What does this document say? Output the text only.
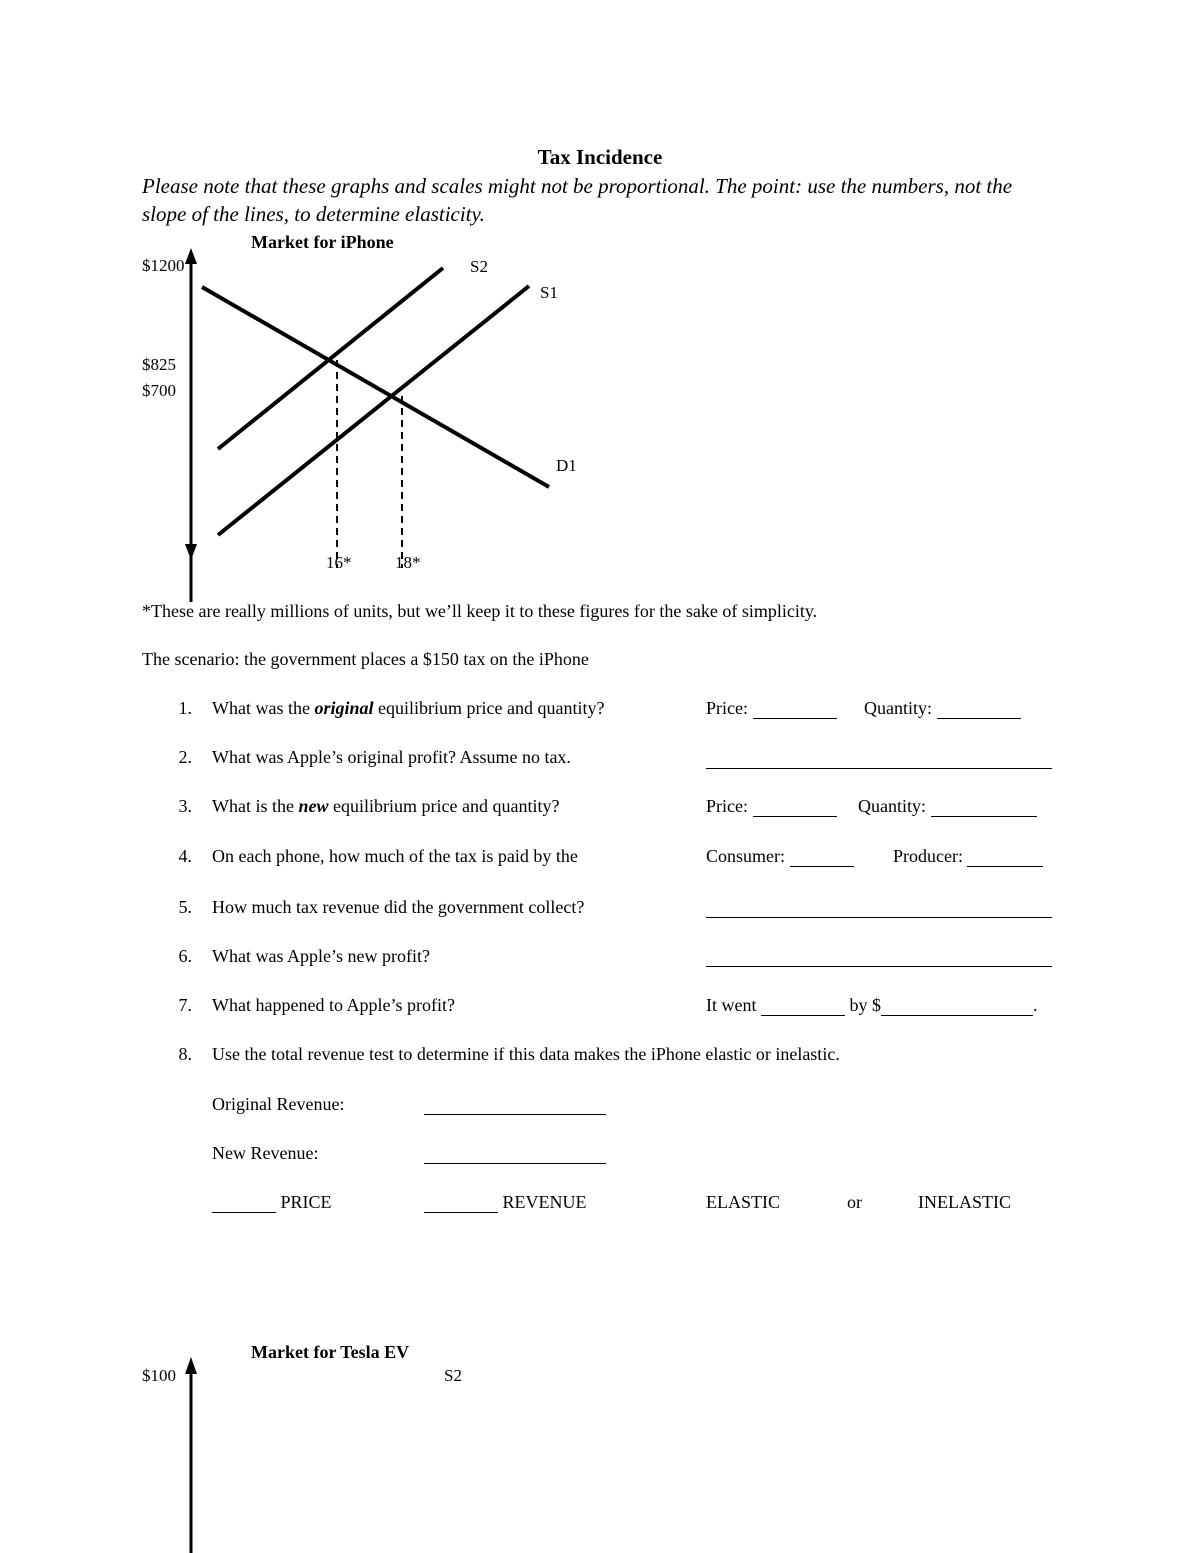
Tax Incidence
Please note that these graphs and scales might not be proportional. The point: use the numbers, not the slope of the lines, to determine elasticity.
Market for iPhone
$1200
$825
$700
16*	18*
S2
S1
D1
*These are really millions of units, but we’ll keep it to these figures for the sake of simplicity.
The scenario: the government places a $150 tax on the iPhone
1. What was the original equilibrium price and quantity?	Price:	Quantity:
2. What was Apple’s original profit? Assume no tax.
3. What is the new equilibrium price and quantity?	Price:	Quantity:
4. On each phone, how much of the tax is paid by the	Consumer:	Producer:
5. How much tax revenue did the government collect?
6. What was Apple’s new profit?
7. What happened to Apple’s profit?	It went	by $	.
8. Use the total revenue test to determine if this data makes the iPhone elastic or inelastic.
Original Revenue:
New Revenue:
PRICE	REVENUE	ELASTIC	or	INELASTIC
Market for Tesla EV
$100	S2
